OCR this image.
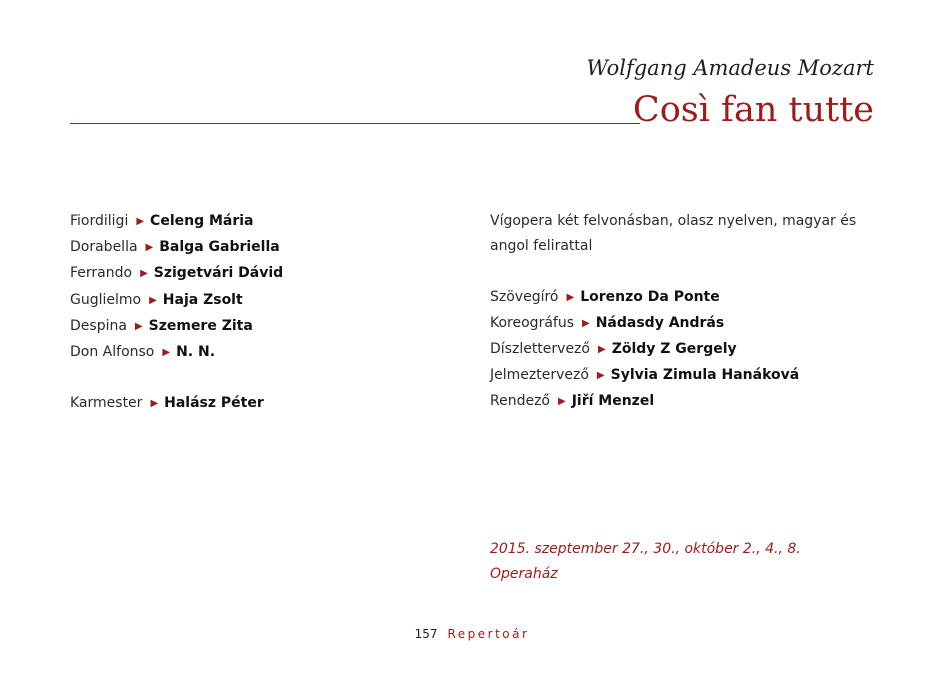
Wolfgang Amadeus Mozart
Così fan tutte
Fiordiligi ▶ Celeng Mária
Dorabella ▶ Balga Gabriella
Ferrando ▶ Szigetvári Dávid
Guglielmo ▶ Haja Zsolt
Despina ▶ Szemere Zita
Don Alfonso ▶ N. N.
Karmester ▶ Halász Péter
Vígopera két felvonásban, olasz nyelven, magyar és angol felirattal
Szövegíró ▶ Lorenzo Da Ponte
Koreográfus ▶ Nádasdy András
Díszlettervező ▶ Zöldy Z Gergely
Jelmeztervező ▶ Sylvia Zimula Hanáková
Rendező ▶ Jiří Menzel
2015. szeptember 27., 30., október 2., 4., 8.
Operaház
157 Repertoár
